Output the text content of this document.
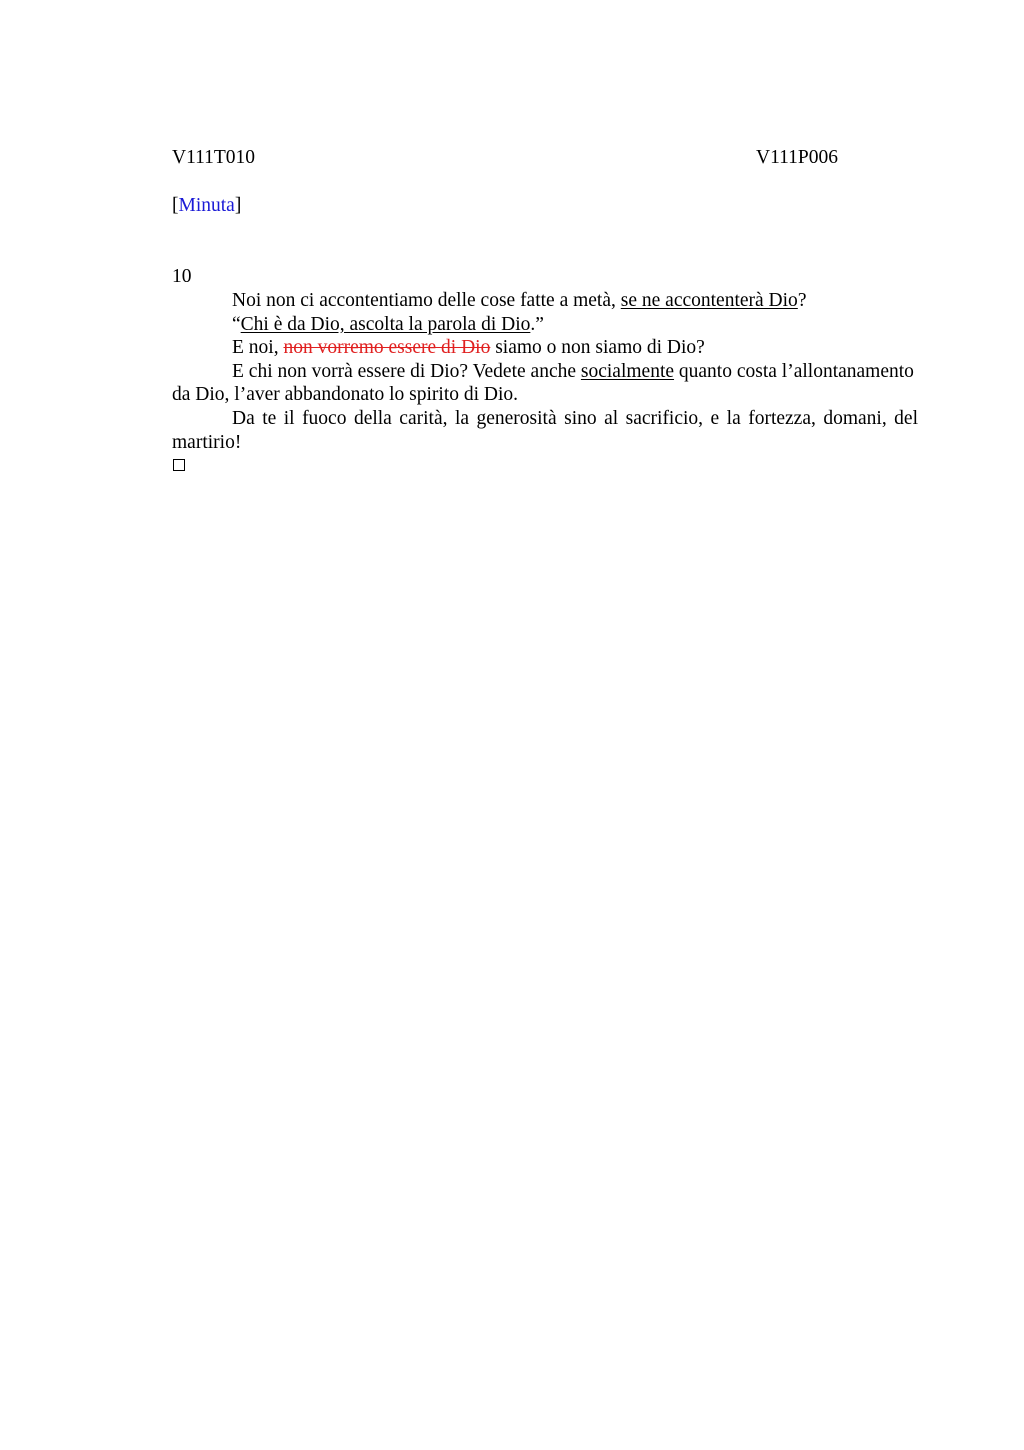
V111T010	V111P006
[Minuta]
10

Noi non ci accontentiamo delle cose fatte a metà, se ne accontenterà Dio?

“Chi è da Dio, ascolta la parola di Dio.”

E noi, non vorremo essere di Dio siamo o non siamo di Dio?

E chi non vorrà essere di Dio? Vedete anche socialmente quanto costa l’allontanamento da Dio, l’aver abbandonato lo spirito di Dio.

Da te il fuoco della carità, la generosità sino al sacrificio, e la fortezza, domani, del martirio!
